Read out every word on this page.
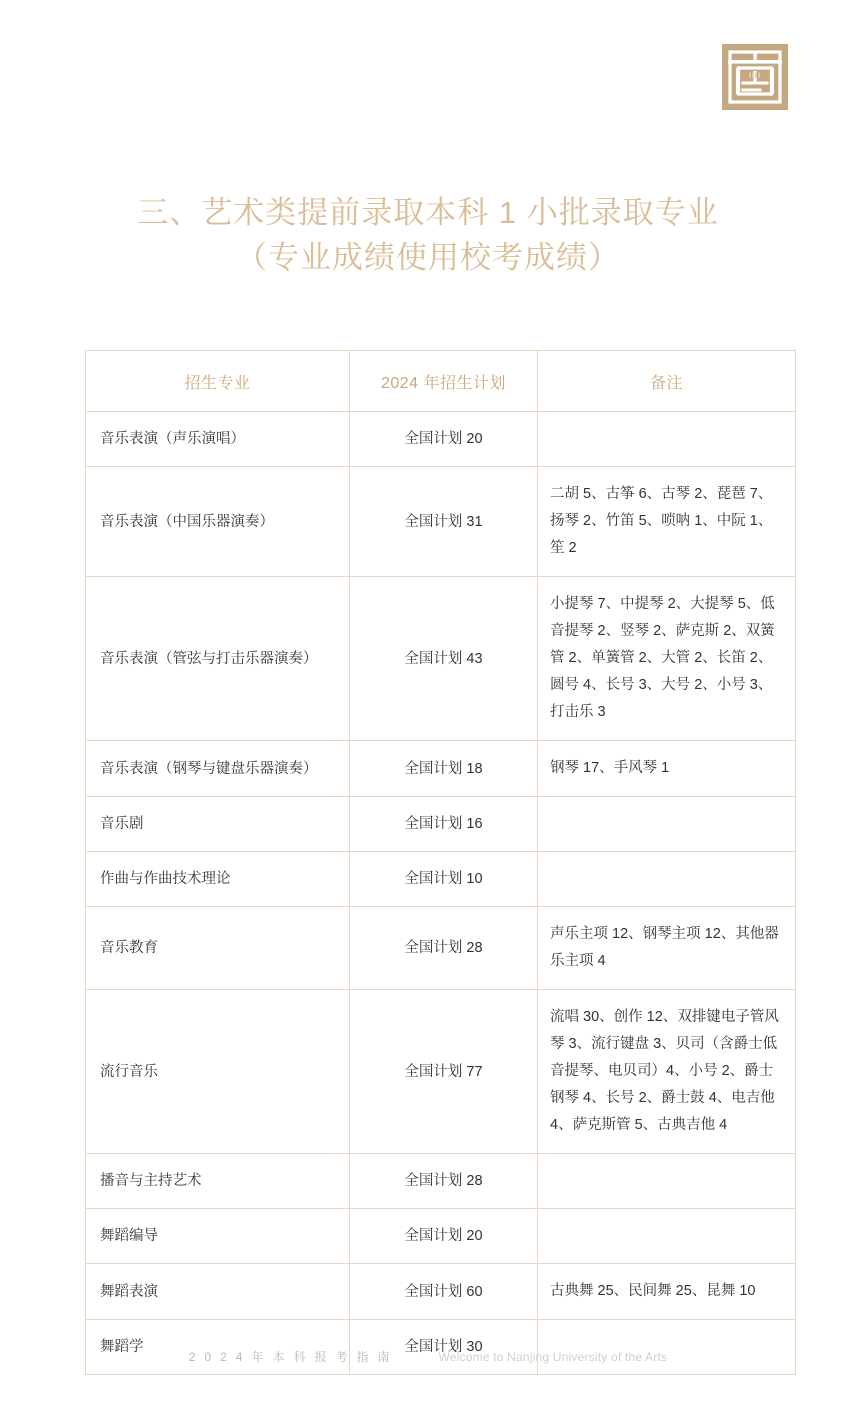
三、艺术类提前录取本科 1 小批录取专业
（专业成绩使用校考成绩）
招生专业	2024 年招生计划	备注
音乐表演（声乐演唱）	全国计划 20	
音乐表演（中国乐器演奏）	全国计划 31	二胡 5、古筝 6、古琴 2、琵琶 7、扬琴 2、竹笛 5、唢呐 1、中阮 1、笙 2
音乐表演（管弦与打击乐器演奏）	全国计划 43	小提琴 7、中提琴 2、大提琴 5、低音提琴 2、竖琴 2、萨克斯 2、双簧管 2、单簧管 2、大管 2、长笛 2、圆号 4、长号 3、大号 2、小号 3、打击乐 3
音乐表演（钢琴与键盘乐器演奏）	全国计划 18	钢琴 17、手风琴 1
音乐剧	全国计划 16	
作曲与作曲技术理论	全国计划 10	
音乐教育	全国计划 28	声乐主项 12、钢琴主项 12、其他器乐主项 4
流行音乐	全国计划 77	流唱 30、创作 12、双排键电子管风琴 3、流行键盘 3、贝司（含爵士低音提琴、电贝司）4、小号 2、爵士钢琴 4、长号 2、爵士鼓 4、电吉他 4、萨克斯管 5、古典吉他 4
播音与主持艺术	全国计划 28	
舞蹈编导	全国计划 20	
舞蹈表演	全国计划 60	古典舞 25、民间舞 25、昆舞 10
舞蹈学	全国计划 30	
2024年本科报考指南	Welcome to Nanjing University of the Arts
